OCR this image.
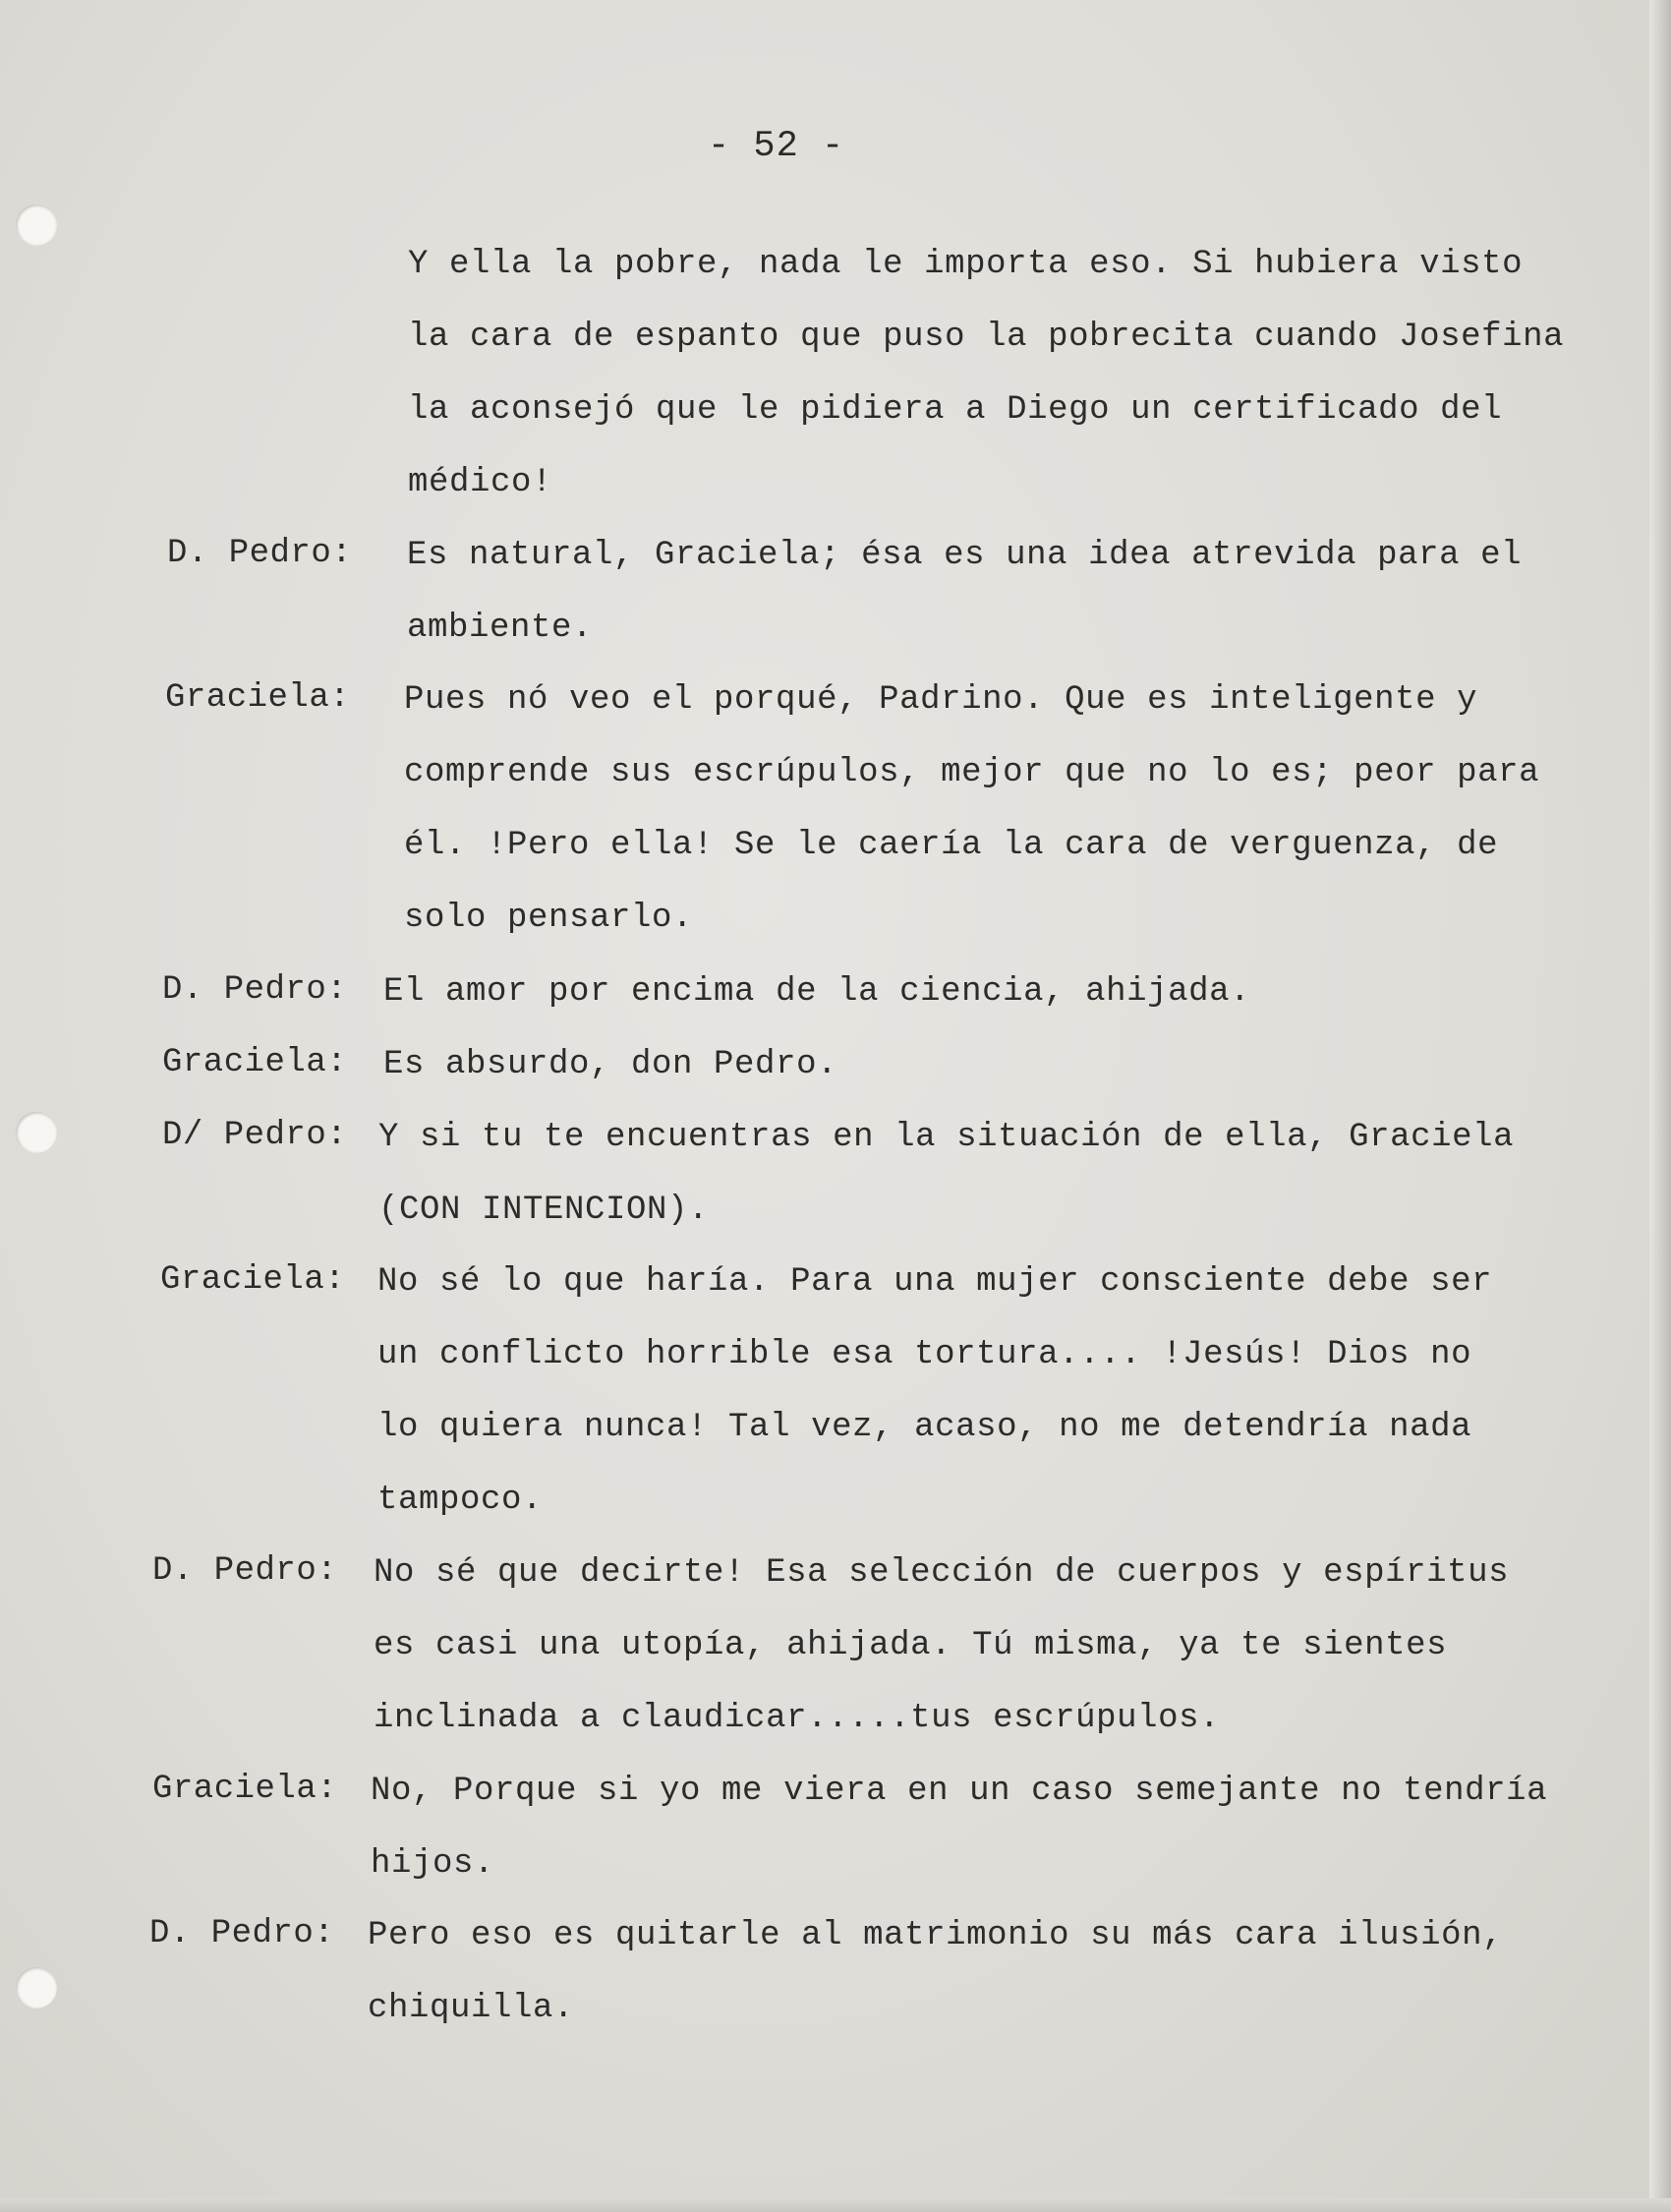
- 52 -
Y ella la pobre, nada le importa eso. Si hubiera visto
la cara de espanto que puso la pobrecita cuando Josefina
la aconsejó que le pidiera a Diego un certificado del
médico!
D. Pedro: Es natural, Graciela; ésa es una idea atrevida para el
ambiente.
Graciela: Pues nó veo el porqué, Padrino. Que es inteligente y
comprende sus escrúpulos, mejor que no lo es; peor para
él. !Pero ella! Se le caería la cara de verguenza, de
solo pensarlo.
D. Pedro: El amor por encima de la ciencia, ahijada.
Graciela: Es absurdo, don Pedro.
D/ Pedro: Y si tu te encuentras en la situación de ella, Graciela
(CON INTENCION).
Graciela: No sé lo que haría. Para una mujer consciente debe ser
un conflicto horrible esa tortura.... !Jesús! Dios no
lo quiera nunca! Tal vez, acaso, no me detendría nada
tampoco.
D. Pedro: No sé que decirte! Esa selección de cuerpos y espíritus
es casi una utopía, ahijada. Tú misma, ya te sientes
inclinada a claudicar.....tus escrúpulos.
Graciela: No, Porque si yo me viera en un caso semejante no tendría
hijos.
D. Pedro: Pero eso es quitarle al matrimonio su más cara ilusión,
chiquilla.
